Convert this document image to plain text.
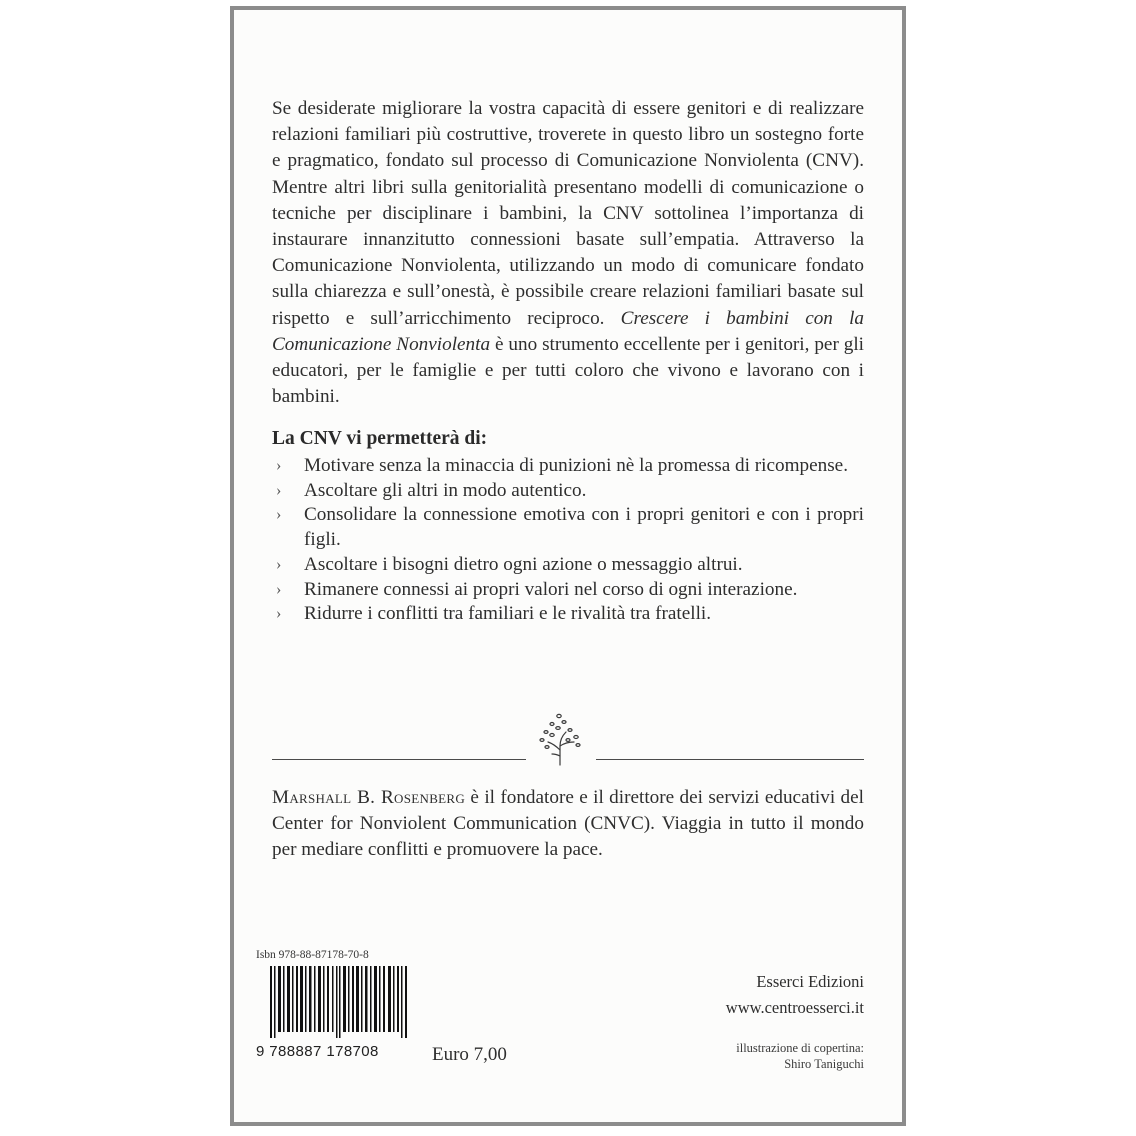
Se desiderate migliorare la vostra capacità di essere genitori e di realizzare relazioni familiari più costruttive, troverete in questo libro un sostegno forte e pragmatico, fondato sul processo di Comunicazione Nonviolenta (CNV). Mentre altri libri sulla genitorialità presentano modelli di comunicazione o tecniche per disciplinare i bambini, la CNV sottolinea l’importanza di instaurare innanzitutto connessioni basate sull’empatia. Attraverso la Comunicazione Nonviolenta, utilizzando un modo di comunicare fondato sulla chiarezza e sull’onestà, è possibile creare relazioni familiari basate sul rispetto e sull’arricchimento reciproco. Crescere i bambini con la Comunicazione Nonviolenta è uno strumento eccellente per i genitori, per gli educatori, per le famiglie e per tutti coloro che vivono e lavorano con i bambini.

La CNV vi permetterà di:
› Motivare senza la minaccia di punizioni nè la promessa di ricompense.
› Ascoltare gli altri in modo autentico.
› Consolidare la connessione emotiva con i propri genitori e con i propri figli.
› Ascoltare i bisogni dietro ogni azione o messaggio altrui.
› Rimanere connessi ai propri valori nel corso di ogni interazione.
› Ridurre i conflitti tra familiari e le rivalità tra fratelli.

Marshall B. Rosenberg è il fondatore e il direttore dei servizi educativi del Center for Nonviolent Communication (CNVC). Viaggia in tutto il mondo per mediare conflitti e promuovere la pace.

Isbn 978-88-87178-70-8
9 788887 178708	Euro 7,00
Esserci Edizioni
www.centroesserci.it
illustrazione di copertina:
Shiro Taniguchi
